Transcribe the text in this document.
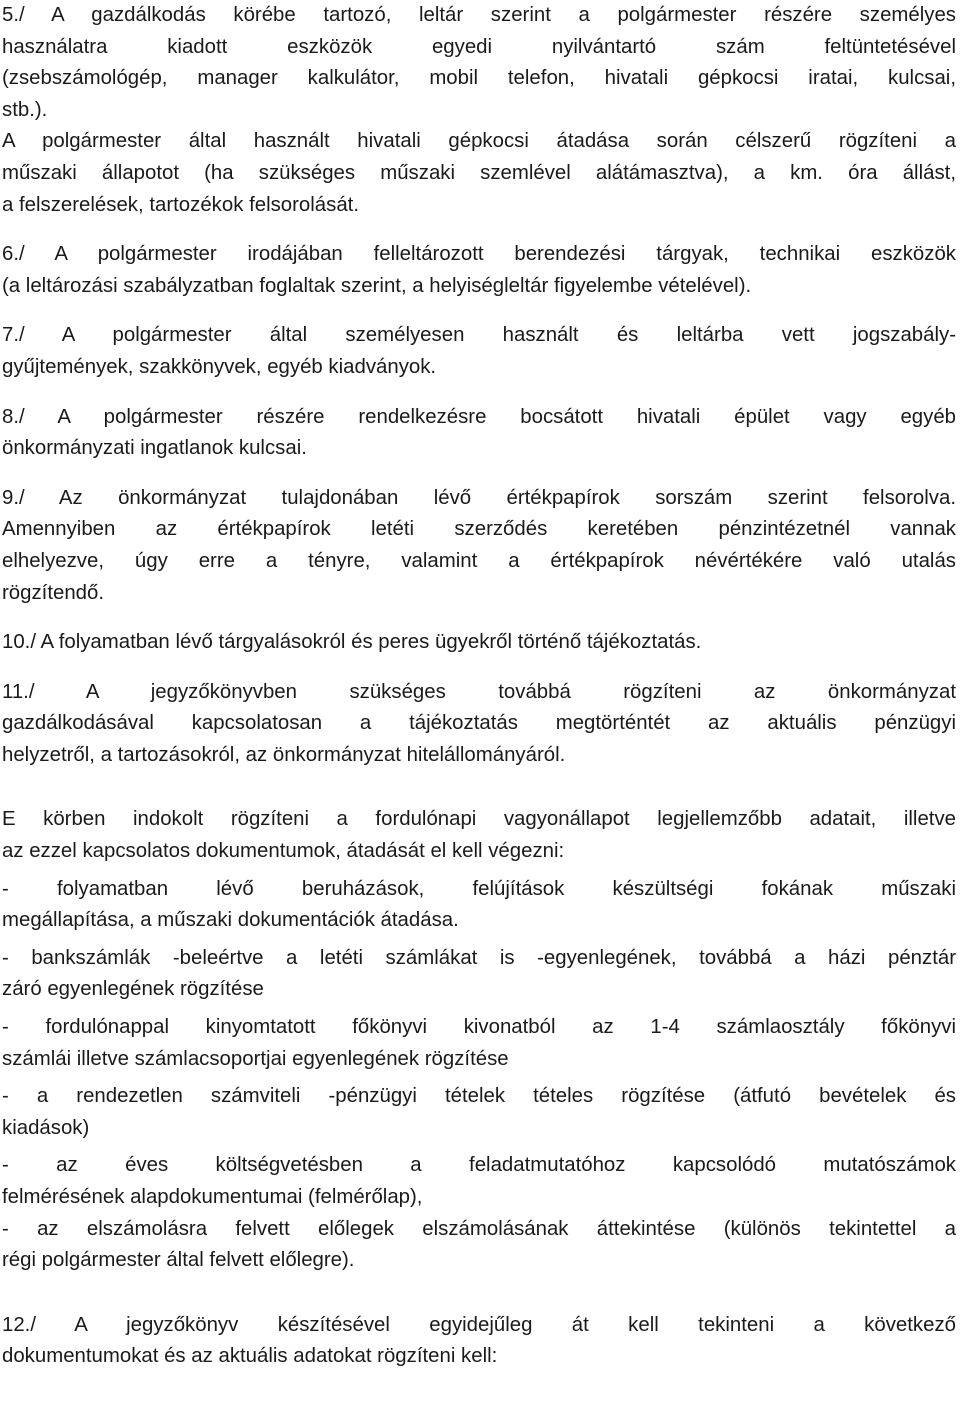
5./ A gazdálkodás körébe tartozó, leltár szerint a polgármester részére személyes
használatra kiadott eszközök egyedi nyilvántartó szám feltüntetésével
(zsebszámológép, manager kalkulátor, mobil telefon, hivatali gépkocsi iratai, kulcsai,
stb.).
A polgármester által használt hivatali gépkocsi átadása során célszerű rögzíteni a
műszaki állapotot (ha szükséges műszaki szemlével alátámasztva), a km. óra állást,
a felszerelések, tartozékok felsorolását.
6./ A polgármester irodájában felleltározott berendezési tárgyak, technikai eszközök
(a leltározási szabályzatban foglaltak szerint, a helyiségleltár figyelembe vételével).
7./ A polgármester által személyesen használt és leltárba vett jogszabály-
gyűjtemények, szakkönyvek, egyéb kiadványok.
8./ A polgármester részére rendelkezésre bocsátott hivatali épület vagy egyéb
önkormányzati ingatlanok kulcsai.
9./ Az önkormányzat tulajdonában lévő értékpapírok sorszám szerint felsorolva.
Amennyiben az értékpapírok letéti szerződés keretében pénzintézetnél vannak
elhelyezve, úgy erre a tényre, valamint a értékpapírok névértékére való utalás
rögzítendő.
10./ A folyamatban lévő tárgyalásokról és peres ügyekről történő tájékoztatás.
11./ A jegyzőkönyvben szükséges továbbá rögzíteni az önkormányzat
gazdálkodásával kapcsolatosan a tájékoztatás megtörténtét az aktuális pénzügyi
helyzetről, a tartozásokról, az önkormányzat hitelállományáról.
E körben indokolt rögzíteni a fordulónapi vagyonállapot legjellemzőbb adatait, illetve
az ezzel kapcsolatos dokumentumok, átadását el kell végezni:
- folyamatban lévő beruházások, felújítások készültségi fokának műszaki
megállapítása, a műszaki dokumentációk átadása.
- bankszámlák -beleértve a letéti számlákat is -egyenlegének, továbbá a házi pénztár
záró egyenlegének rögzítése
- fordulónappal kinyomtatott főkönyvi kivonatból az 1-4 számlaosztály főkönyvi
számlái illetve számlacsoportjai egyenlegének rögzítése
- a rendezetlen számviteli -pénzügyi tételek tételes rögzítése (átfutó bevételek és
kiadások)
- az éves költségvetésben a feladatmutatóhoz kapcsolódó mutatószámok
felmérésének alapdokumentumai (felmérőlap),
- az elszámolásra felvett előlegek elszámolásának áttekintése (különös tekintettel a
régi polgármester által felvett előlegre).
12./ A jegyzőkönyv készítésével egyidejűleg át kell tekinteni a következő
dokumentumokat és az aktuális adatokat rögzíteni kell:
